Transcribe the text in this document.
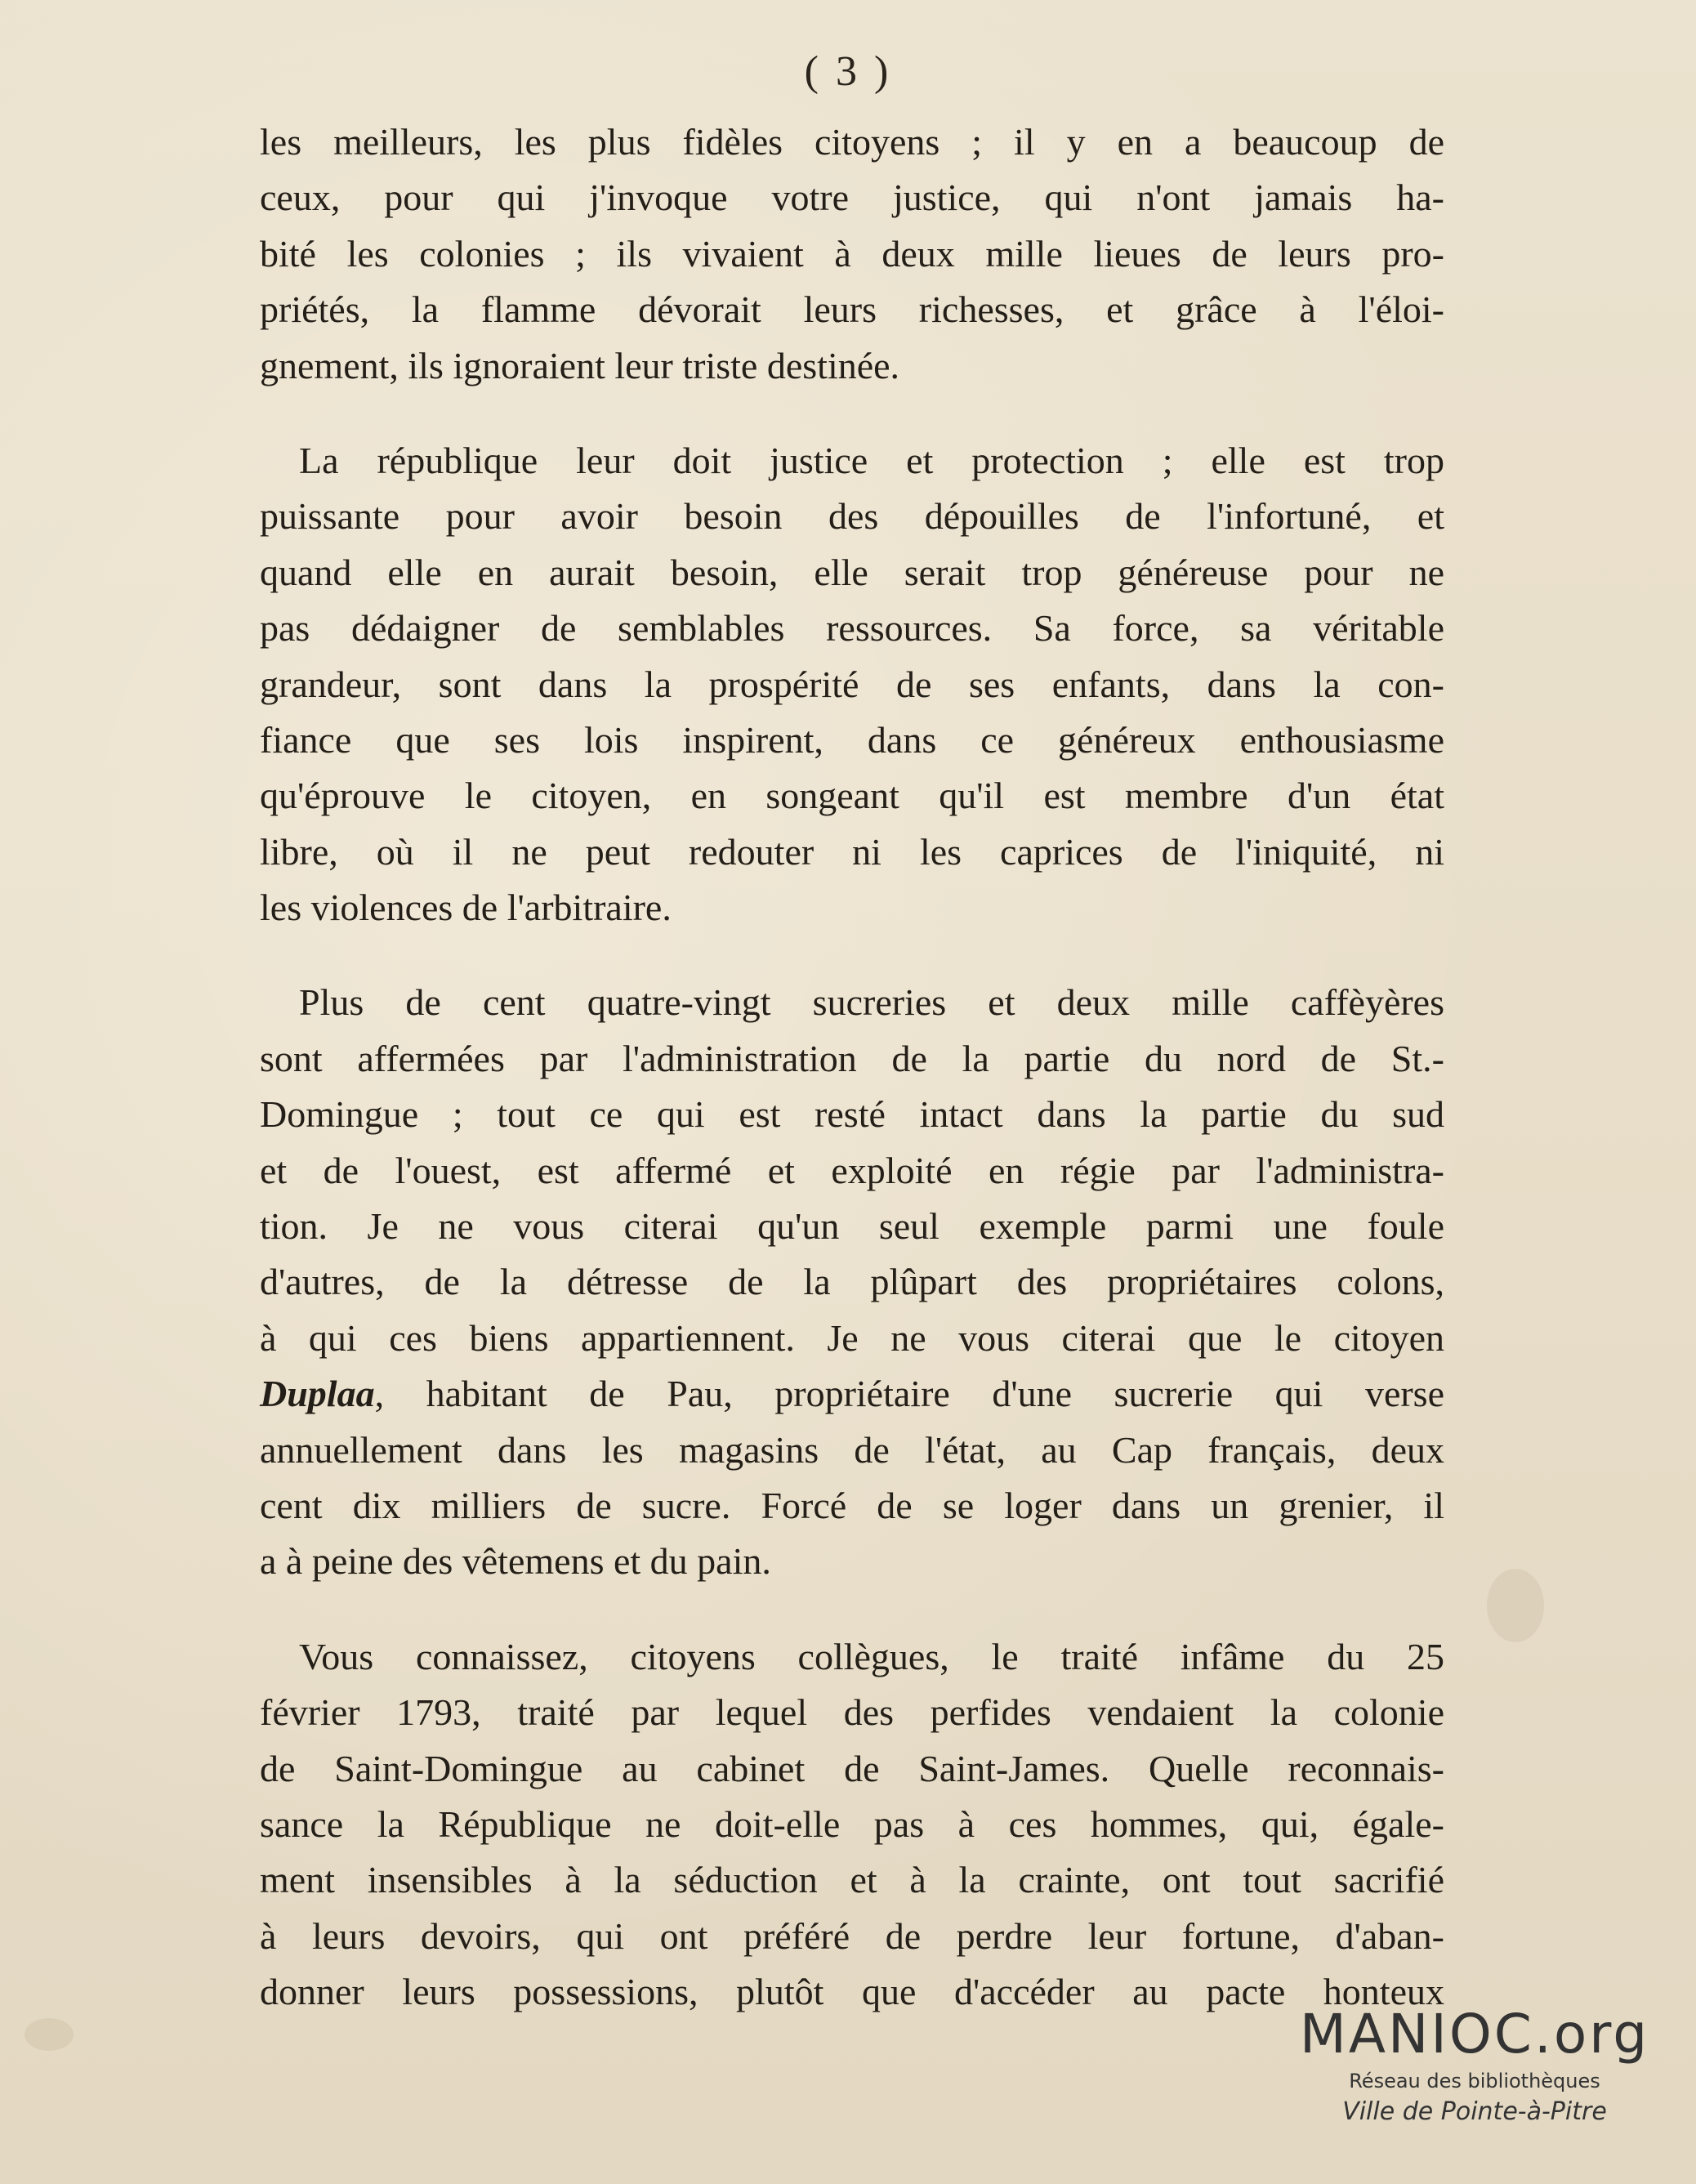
( 3 )
les meilleurs, les plus fidèles citoyens ; il y en a beaucoup de
ceux, pour qui j'invoque votre justice, qui n'ont jamais ha-
bité les colonies ; ils vivaient à deux mille lieues de leurs pro-
priétés, la flamme dévorait leurs richesses, et grâce à l'éloi-
gnement, ils ignoraient leur triste destinée.
La république leur doit justice et protection ; elle est trop
puissante pour avoir besoin des dépouilles de l'infortuné, et
quand elle en aurait besoin, elle serait trop généreuse pour ne
pas dédaigner de semblables ressources. Sa force, sa véritable
grandeur, sont dans la prospérité de ses enfants, dans la con-
fiance que ses lois inspirent, dans ce généreux enthousiasme
qu'éprouve le citoyen, en songeant qu'il est membre d'un état
libre, où il ne peut redouter ni les caprices de l'iniquité, ni
les violences de l'arbitraire.
Plus de cent quatre-vingt sucreries et deux mille caffèyères
sont affermées par l'administration de la partie du nord de St.-
Domingue ; tout ce qui est resté intact dans la partie du sud
et de l'ouest, est affermé et exploité en régie par l'administra-
tion. Je ne vous citerai qu'un seul exemple parmi une foule
d'autres, de la détresse de la plûpart des propriétaires colons,
à qui ces biens appartiennent. Je ne vous citerai que le citoyen
Duplaa, habitant de Pau, propriétaire d'une sucrerie qui verse
annuellement dans les magasins de l'état, au Cap français, deux
cent dix milliers de sucre. Forcé de se loger dans un grenier, il
a à peine des vêtemens et du pain.
Vous connaissez, citoyens collègues, le traité infâme du 25
février 1793, traité par lequel des perfides vendaient la colonie
de Saint-Domingue au cabinet de Saint-James. Quelle reconnais-
sance la République ne doit-elle pas à ces hommes, qui, égale-
ment insensibles à la séduction et à la crainte, ont tout sacrifié
à leurs devoirs, qui ont préféré de perdre leur fortune, d'aban-
donner leurs possessions, plutôt que d'accéder au pacte honteux
MANIOC.org
Réseau des bibliothèques
Ville de Pointe-à-Pitre
